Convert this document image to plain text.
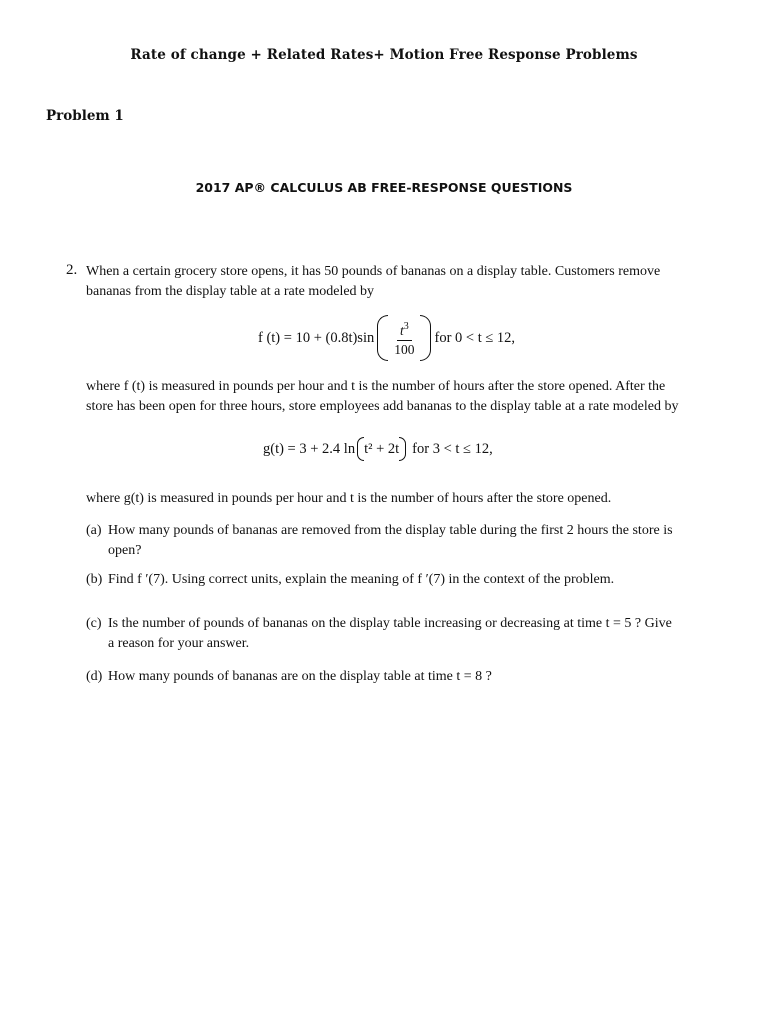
Rate of change + Related Rates+ Motion Free Response Problems
Problem 1
2017 AP® CALCULUS AB FREE-RESPONSE QUESTIONS
2. When a certain grocery store opens, it has 50 pounds of bananas on a display table. Customers remove bananas from the display table at a rate modeled by
f $(t) = 10 + (0.8t)\sin \frac{t^3}{100}$ for 0 < t ≤ 12,
where f (t) is measured in pounds per hour and t is the number of hours after the store opened. After the store has been open for three hours, store employees add bananas to the display table at a rate modeled by
g(t) = 3 + 2.4 ln t² + 2t for 3 < t ≤ 12,
where g(t) is measured in pounds per hour and t is the number of hours after the store opened.
(a) How many pounds of bananas are removed from the display table during the first 2 hours the store is open?
(b) Find f ′(7). Using correct units, explain the meaning of f ′(7) in the context of the problem.
(c) Is the number of pounds of bananas on the display table increasing or decreasing at time t = 5 ? Give a reason for your answer.
(d) How many pounds of bananas are on the display table at time t = 8 ?
